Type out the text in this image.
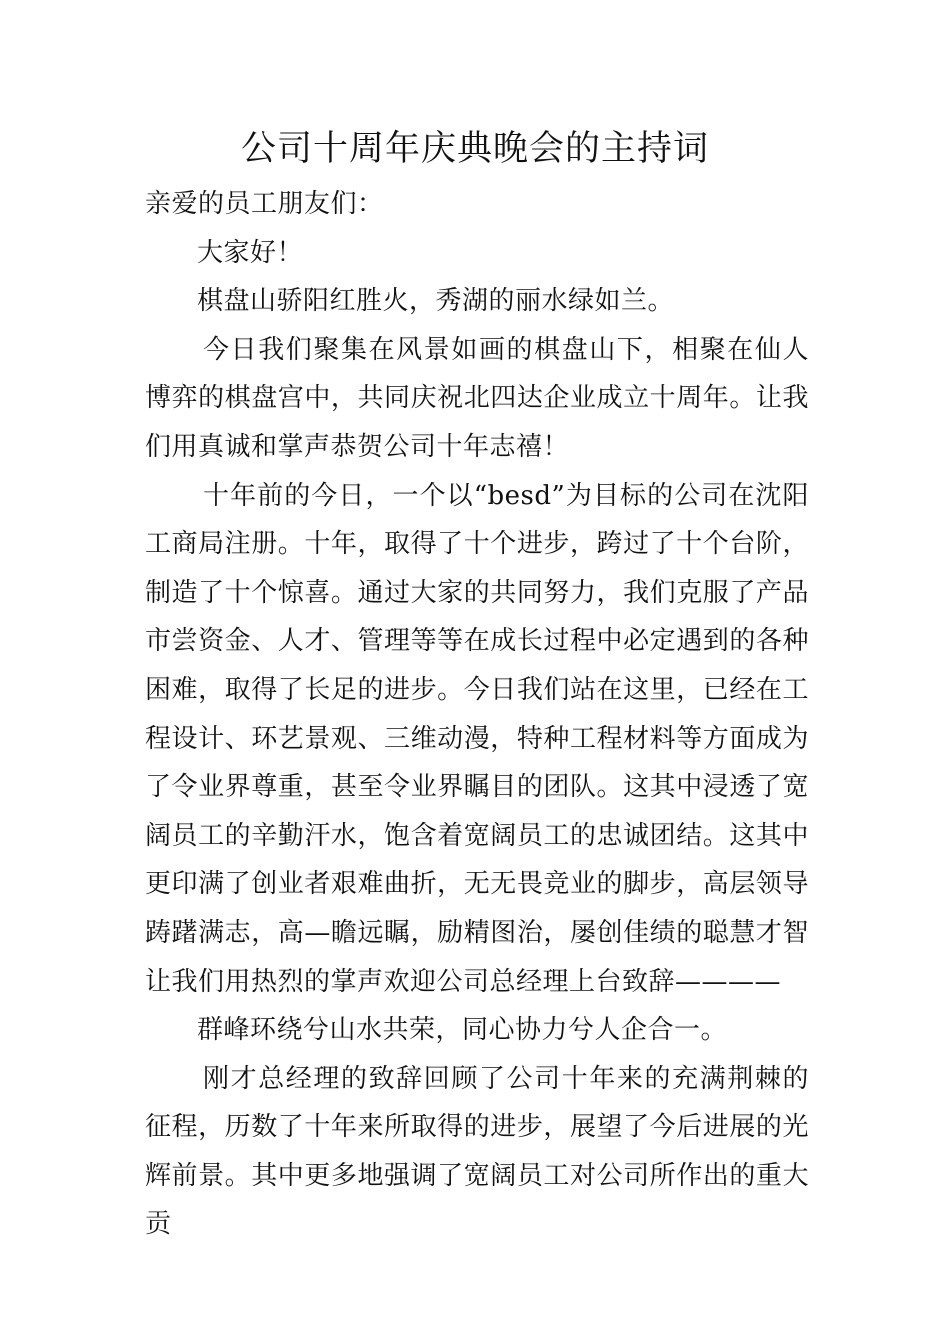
公司十周年庆典晚会的主持词

亲爱的员工朋友们：

大家好！

棋盘山骄阳红胜火，秀湖的丽水绿如兰。

今日我们聚集在风景如画的棋盘山下，相聚在仙人博弈的棋盘宫中，共同庆祝北四达企业成立十周年。让我们用真诚和掌声恭贺公司十年志禧！

十年前的今日，一个以“besd”为目标的公司在沈阳工商局注册。十年，取得了十个进步，跨过了十个台阶，制造了十个惊喜。通过大家的共同努力，我们克服了产品市尝资金、人才、管理等等在成长过程中必定遇到的各种困难，取得了长足的进步。今日我们站在这里，已经在工程设计、环艺景观、三维动漫，特种工程材料等方面成为了令业界尊重，甚至令业界瞩目的团队。这其中浸透了宽阔员工的辛勤汗水，饱含着宽阔员工的忠诚团结。这其中更印满了创业者艰难曲折，无无畏竞业的脚步，高层领导踌躇满志，高—瞻远瞩，励精图治，屡创佳绩的聪慧才智让我们用热烈的掌声欢迎公司总经理上台致辞————

群峰环绕兮山水共荣，同心协力兮人企合一。

刚才总经理的致辞回顾了公司十年来的充满荆棘的征程，历数了十年来所取得的进步，展望了今后进展的光辉前景。其中更多地强调了宽阔员工对公司所作出的重大贡
